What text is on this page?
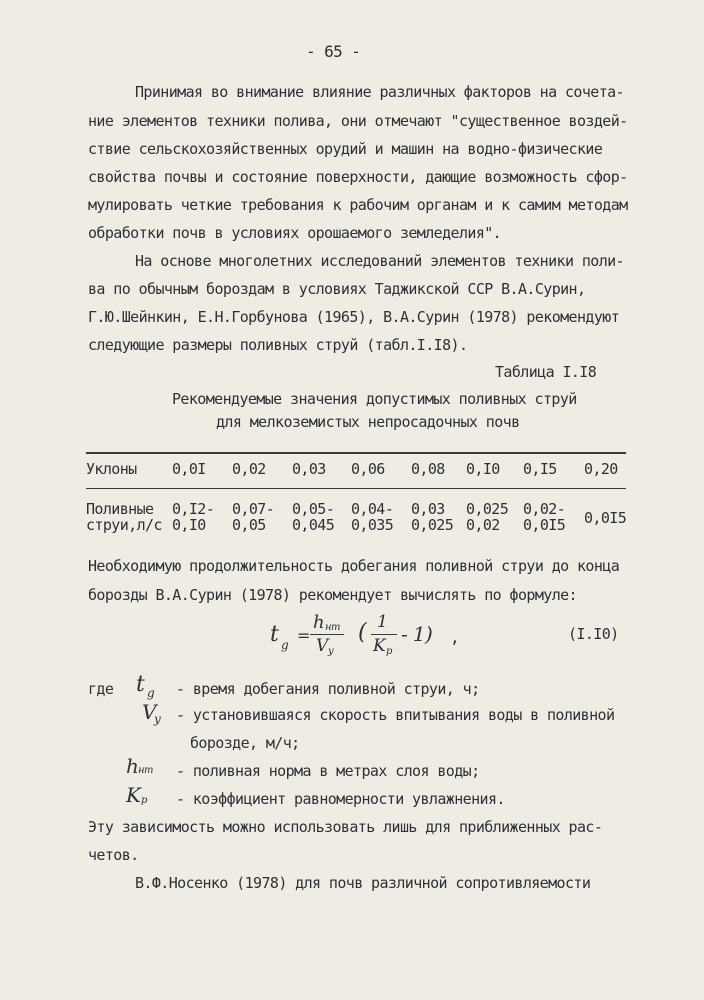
- 65 -
Принимая во внимание влияние различных факторов на сочета-
ние элементов техники полива, они отмечают "существенное воздей-
ствие сельскохозяйственных орудий и машин на водно-физические
свойства почвы и состояние поверхности, дающие возможность сфор-
мулировать четкие требования к рабочим органам и к самим методам
обработки почв в условиях орошаемого земледелия".
На основе многолетних исследований элементов техники поли-
ва по обычным бороздам в условиях Таджикской ССР В.А.Сурин,
Г.Ю.Шейнкин, Е.Н.Горбунова (1965), В.А.Сурин (1978) рекомендуют
следующие размеры поливных струй (табл.I.I8).
Таблица I.I8
Рекомендуемые значения допустимых поливных струй
для мелкоземистых непросадочных почв
Уклоны 0,0I 0,02 0,03 0,06 0,08 0,I0 0,I5 0,20
Поливные
струи,л/с
0,I2-
0,I0
0,07-
0,05
0,05-
0,045
0,04-
0,035
0,03
0,025
0,025
0,02
0,02-
0,0I5 0,0I5
Необходимую продолжительность добегания поливной струи до конца
борозды В.А.Сурин (1978) рекомендует вычислять по формуле:
t g =
h нт
V y
( 1
K p
- 1) ,	(I.I0)
где t g - время добегания поливной струи, ч;
V
y - установившаяся скорость впитывания воды в поливной
бороздe, м/ч;
h нт - поливная норма в метрах слоя воды;
K p - коэффициент равномерности увлажнения.
Эту зависимость можно использовать лишь для приближенных рас-
четов.
В.Ф.Носенко (1978) для почв различной сопротивляемости
